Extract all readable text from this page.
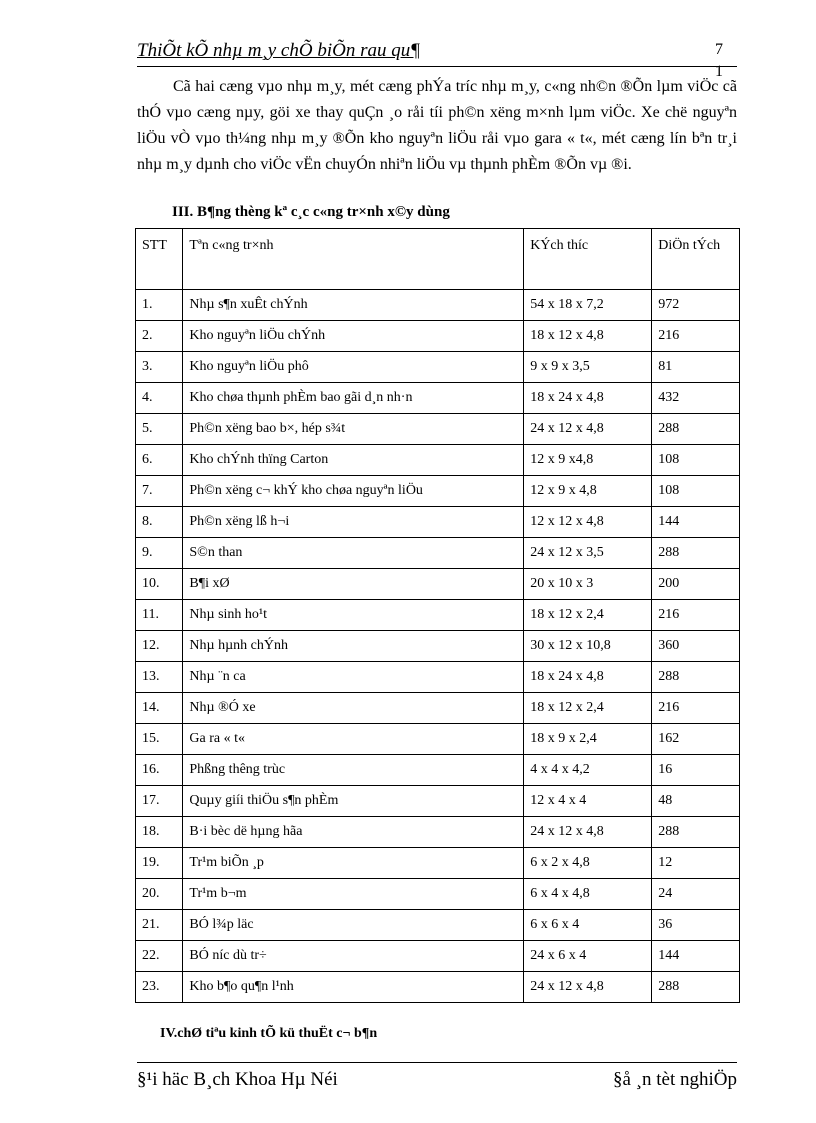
ThiÕt kÕ nhµ m¸y chÕ biÕn rau qu¶	7
1

Cã hai cæng vµo nhµ m¸y, mét cæng phÝa tríc nhµ m¸y, c«ng nh©n ®Õn lµm viÖc cã thÓ vµo cæng nµy, göi xe thay quÇn ¸o råi tíi ph©n xëng m×nh lµm viÖc. Xe chë nguyªn liÖu vÒ vµo th¼ng nhµ m¸y ®Õn kho nguyªn liÖu råi vµo gara « t«, mét cæng lín bªn tr¸i nhµ m¸y dµnh cho viÖc vËn chuyÓn nhiªn liÖu vµ thµnh phÈm ®Õn vµ ®i.

III. B¶ng thèng kª c¸c c«ng tr×nh x©y dùng
STT	Tªn c«ng tr×nh	KÝch thíc	DiÖn tÝch
1.	Nhµ s¶n xuÊt chÝnh	54 x 18 x 7,2	972
2.	Kho nguyªn liÖu chÝnh	18 x 12 x 4,8	216
3.	Kho nguyªn liÖu phô	9 x 9 x 3,5	81
4.	Kho chøa thµnh phÈm bao gãi d¸n nh·n	18 x 24 x 4,8	432
5.	Ph©n xëng bao b×, hép s¾t	24 x 12 x 4,8	288
6.	Kho chÝnh thïng Carton	12 x 9 x4,8	108
7.	Ph©n xëng c¬ khÝ kho chøa nguyªn liÖu	12 x 9 x 4,8	108
8.	Ph©n xëng lß h¬i	12 x 12 x 4,8	144
9.	S©n than	24 x 12 x 3,5	288
10.	B¶i xØ	20 x 10 x 3	200
11.	Nhµ sinh ho¹t	18 x 12 x 2,4	216
12.	Nhµ hµnh chÝnh	30 x 12 x 10,8	360
13.	Nhµ ¨n ca	18 x 24 x 4,8	288
14.	Nhµ ®Ó xe	18 x 12 x 2,4	216
15.	Ga ra « t«	18 x 9 x 2,4	162
16.	Phßng thêng trùc	4 x 4 x 4,2	16
17.	Quµy giíi thiÖu s¶n phÈm	12 x 4 x 4	48
18.	B·i bèc dë hµng hãa	24 x 12 x 4,8	288
19.	Tr¹m biÕn ¸p	6 x 2 x 4,8	12
20.	Tr¹m b¬m	6 x 4 x 4,8	24
21.	BÓ l¾p läc	6 x 6 x 4	36
22.	BÓ níc dù tr÷	24 x 6 x 4	144
23.	Kho b¶o qu¶n l¹nh	24 x 12 x 4,8	288
IV.chØ tiªu kinh tÕ kü thuËt c¬ b¶n
§¹i häc B¸ch Khoa Hµ Néi	§å ¸n tèt nghiÖp
